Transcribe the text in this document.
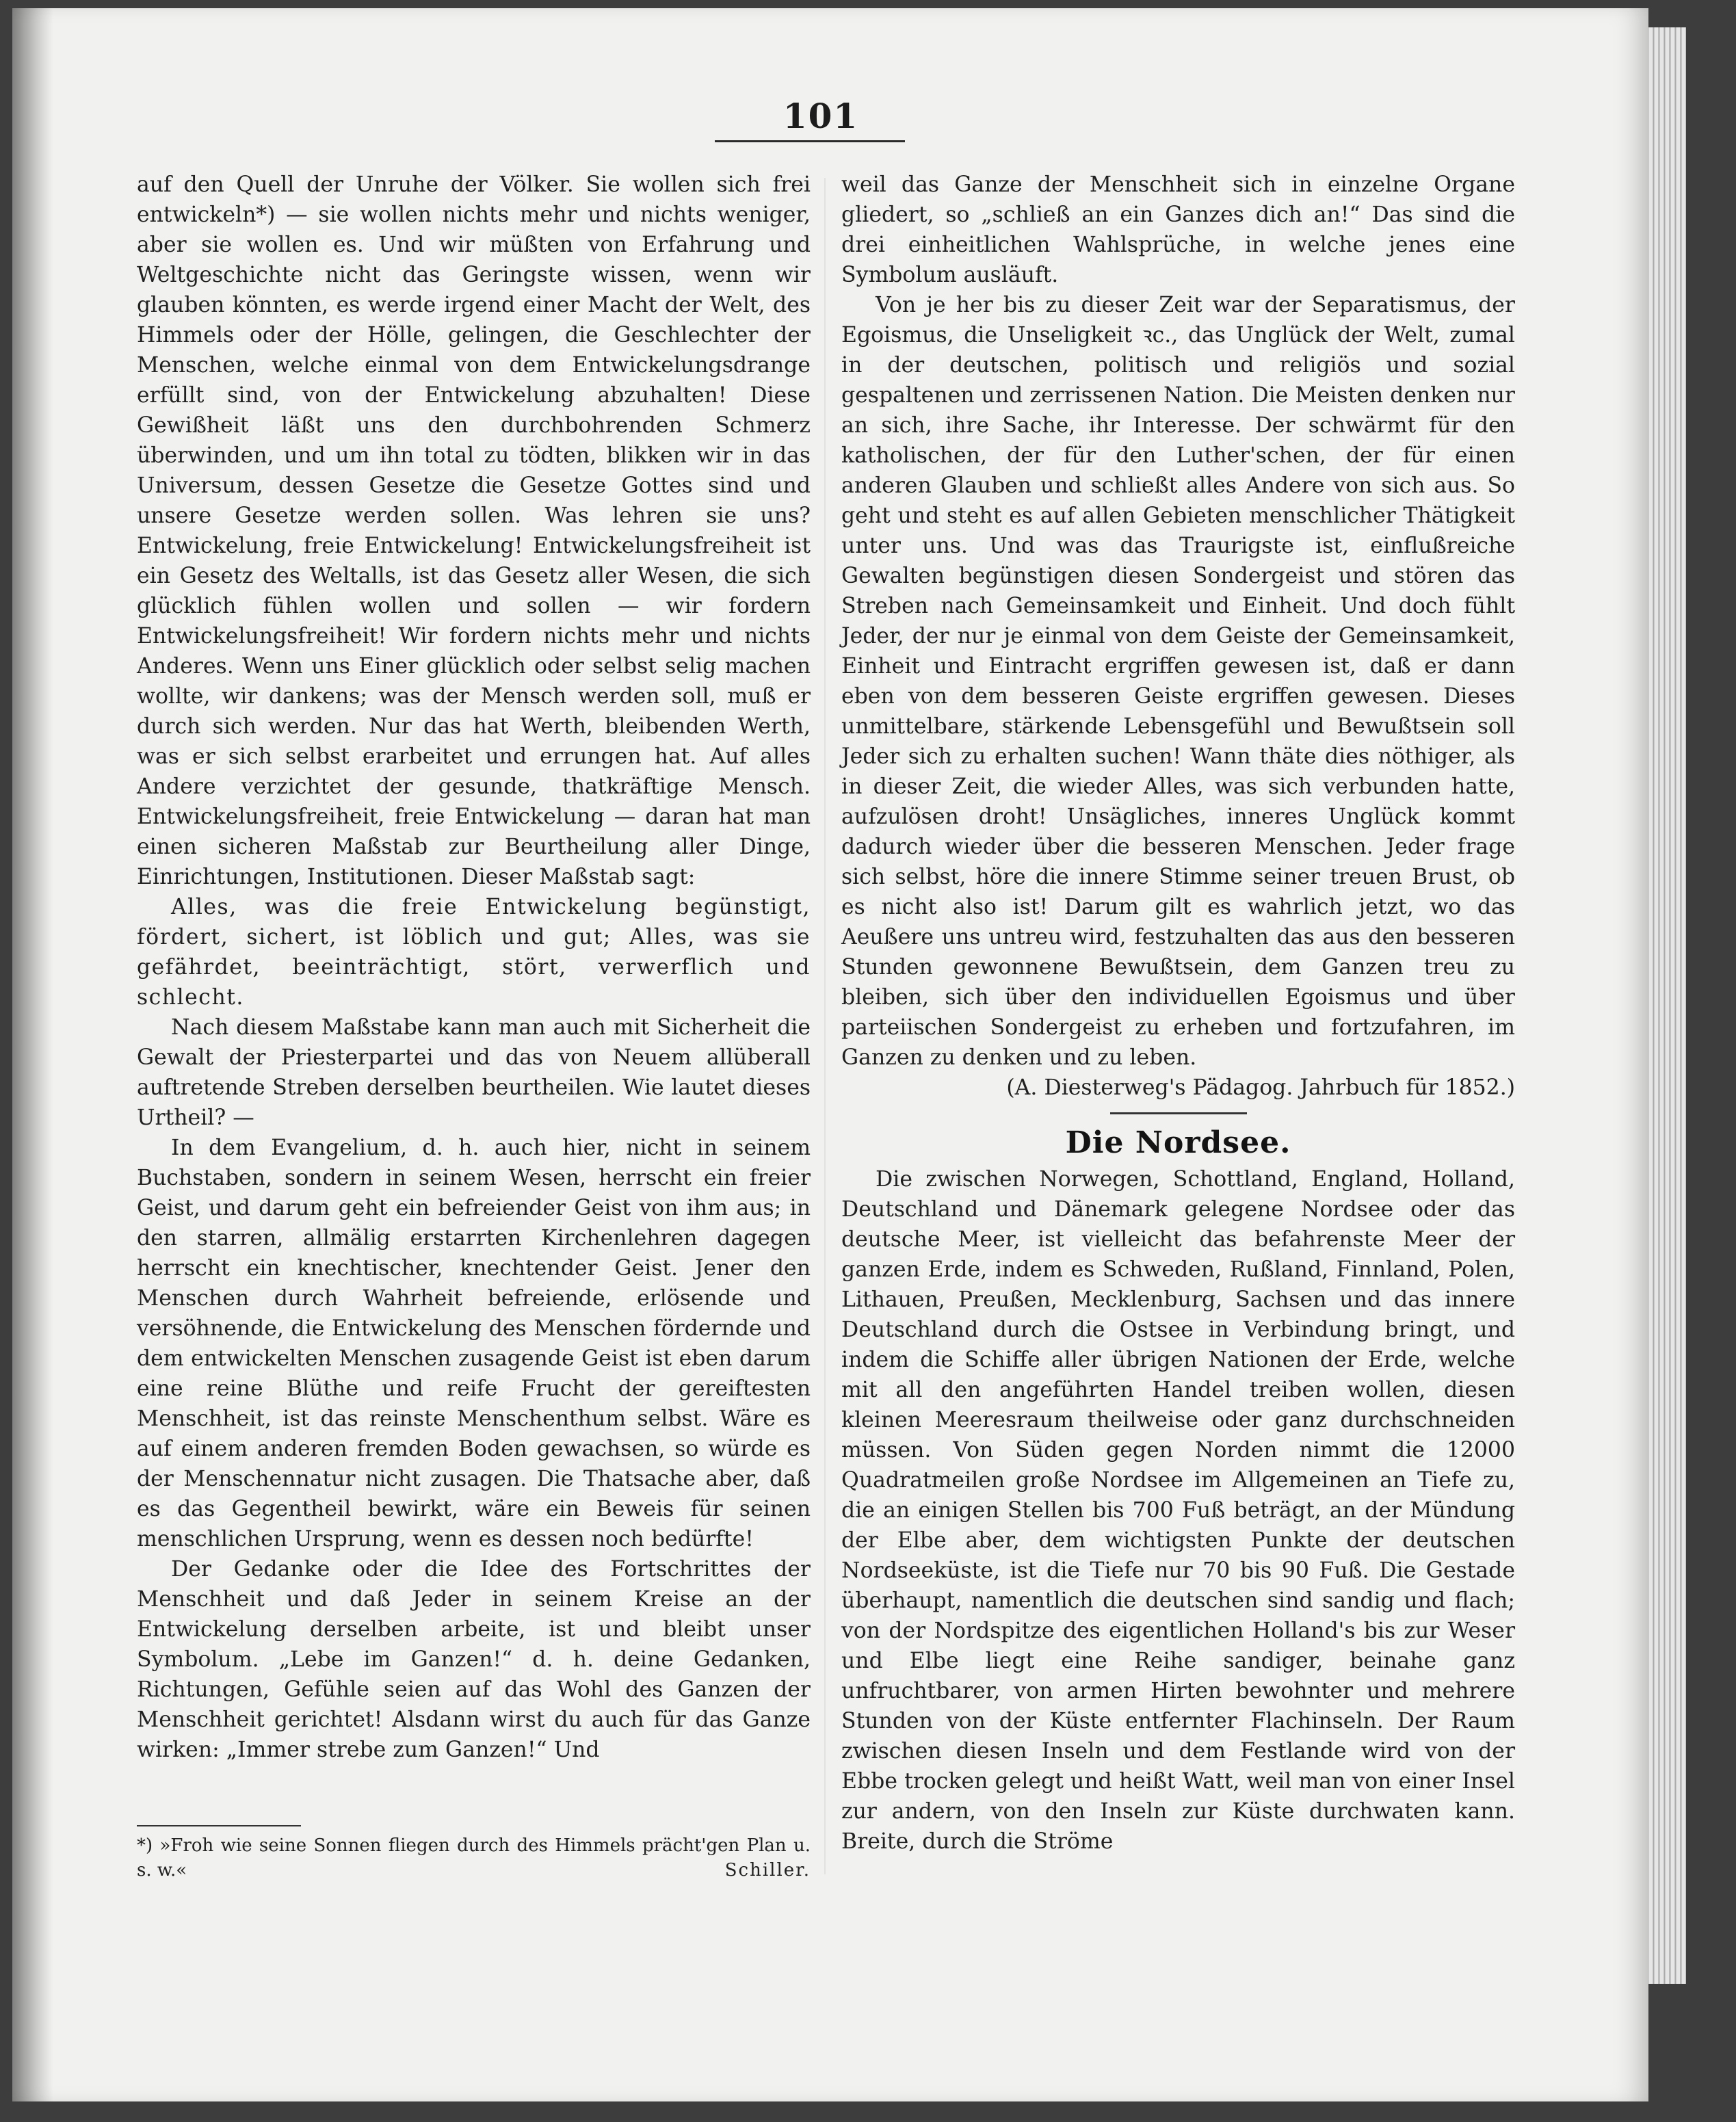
101

auf den Quell der Unruhe der Völker. Sie wollen sich frei entwickeln*) — sie wollen nichts mehr und nichts weniger, aber sie wollen es. Und wir müßten von Erfahrung und Weltgeschichte nicht das Geringste wissen, wenn wir glauben könnten, es werde irgend einer Macht der Welt, des Himmels oder der Hölle, gelingen, die Geschlechter der Menschen, welche einmal von dem Entwickelungsdrange erfüllt sind, von der Entwickelung abzuhalten! Diese Gewißheit läßt uns den durchbohrenden Schmerz überwinden, und um ihn total zu tödten, blikken wir in das Universum, dessen Gesetze die Gesetze Gottes sind und unsere Gesetze werden sollen. Was lehren sie uns? Entwickelung, freie Entwickelung! Entwickelungsfreiheit ist ein Gesetz des Weltalls, ist das Gesetz aller Wesen, die sich glücklich fühlen wollen und sollen — wir fordern Entwickelungsfreiheit! Wir fordern nichts mehr und nichts Anderes. Wenn uns Einer glücklich oder selbst selig machen wollte, wir dankens; was der Mensch werden soll, muß er durch sich werden. Nur das hat Werth, bleibenden Werth, was er sich selbst erarbeitet und errungen hat. Auf alles Andere verzichtet der gesunde, thatkräftige Mensch. Entwickelungsfreiheit, freie Entwickelung — daran hat man einen sicheren Maßstab zur Beurtheilung aller Dinge, Einrichtungen, Institutionen. Dieser Maßstab sagt:

Alles, was die freie Entwickelung begünstigt, fördert, sichert, ist löblich und gut; Alles, was sie gefährdet, beeinträchtigt, stört, verwerflich und schlecht.

Nach diesem Maßstabe kann man auch mit Sicherheit die Gewalt der Priesterpartei und das von Neuem allüberall auftretende Streben derselben beurtheilen. Wie lautet dieses Urtheil? —

In dem Evangelium, d. h. auch hier, nicht in seinem Buchstaben, sondern in seinem Wesen, herrscht ein freier Geist, und darum geht ein befreiender Geist von ihm aus; in den starren, allmälig erstarrten Kirchenlehren dagegen herrscht ein knechtischer, knechtender Geist. Jener den Menschen durch Wahrheit befreiende, erlösende und versöhnende, die Entwickelung des Menschen fördernde und dem entwickelten Menschen zusagende Geist ist eben darum eine reine Blüthe und reife Frucht der gereiftesten Menschheit, ist das reinste Menschenthum selbst. Wäre es auf einem anderen fremden Boden gewachsen, so würde es der Menschennatur nicht zusagen. Die Thatsache aber, daß es das Gegentheil bewirkt, wäre ein Beweis für seinen menschlichen Ursprung, wenn es dessen noch bedürfte!

Der Gedanke oder die Idee des Fortschrittes der Menschheit und daß Jeder in seinem Kreise an der Entwickelung derselben arbeite, ist und bleibt unser Symbolum. „Lebe im Ganzen!“ d. h. deine Gedanken, Richtungen, Gefühle seien auf das Wohl des Ganzen der Menschheit gerichtet! Alsdann wirst du auch für das Ganze wirken: „Immer strebe zum Ganzen!“ Und

*) »Froh wie seine Sonnen fliegen durch des Himmels prächt'gen Plan u. s. w.«	Schiller.

weil das Ganze der Menschheit sich in einzelne Organe gliedert, so „schließ an ein Ganzes dich an!“ Das sind die drei einheitlichen Wahlsprüche, in welche jenes eine Symbolum ausläuft.

Von je her bis zu dieser Zeit war der Separatismus, der Egoismus, die Unseligkeit ꝛc., das Unglück der Welt, zumal in der deutschen, politisch und religiös und sozial gespaltenen und zerrissenen Nation. Die Meisten denken nur an sich, ihre Sache, ihr Interesse. Der schwärmt für den katholischen, der für den Luther'schen, der für einen anderen Glauben und schließt alles Andere von sich aus. So geht und steht es auf allen Gebieten menschlicher Thätigkeit unter uns. Und was das Traurigste ist, einflußreiche Gewalten begünstigen diesen Sondergeist und stören das Streben nach Gemeinsamkeit und Einheit. Und doch fühlt Jeder, der nur je einmal von dem Geiste der Gemeinsamkeit, Einheit und Eintracht ergriffen gewesen ist, daß er dann eben von dem besseren Geiste ergriffen gewesen. Dieses unmittelbare, stärkende Lebensgefühl und Bewußtsein soll Jeder sich zu erhalten suchen! Wann thäte dies nöthiger, als in dieser Zeit, die wieder Alles, was sich verbunden hatte, aufzulösen droht! Unsägliches, inneres Unglück kommt dadurch wieder über die besseren Menschen. Jeder frage sich selbst, höre die innere Stimme seiner treuen Brust, ob es nicht also ist! Darum gilt es wahrlich jetzt, wo das Aeußere uns untreu wird, festzuhalten das aus den besseren Stunden gewonnene Bewußtsein, dem Ganzen treu zu bleiben, sich über den individuellen Egoismus und über parteiischen Sondergeist zu erheben und fortzufahren, im Ganzen zu denken und zu leben.

(A. Diesterweg's Pädagog. Jahrbuch für 1852.)

Die Nordsee.

Die zwischen Norwegen, Schottland, England, Holland, Deutschland und Dänemark gelegene Nordsee oder das deutsche Meer, ist vielleicht das befahrenste Meer der ganzen Erde, indem es Schweden, Rußland, Finnland, Polen, Lithauen, Preußen, Mecklenburg, Sachsen und das innere Deutschland durch die Ostsee in Verbindung bringt, und indem die Schiffe aller übrigen Nationen der Erde, welche mit all den angeführten Handel treiben wollen, diesen kleinen Meeresraum theilweise oder ganz durchschneiden müssen. Von Süden gegen Norden nimmt die 12000 Quadratmeilen große Nordsee im Allgemeinen an Tiefe zu, die an einigen Stellen bis 700 Fuß beträgt, an der Mündung der Elbe aber, dem wichtigsten Punkte der deutschen Nordseeküste, ist die Tiefe nur 70 bis 90 Fuß. Die Gestade überhaupt, namentlich die deutschen sind sandig und flach; von der Nordspitze des eigentlichen Holland's bis zur Weser und Elbe liegt eine Reihe sandiger, beinahe ganz unfruchtbarer, von armen Hirten bewohnter und mehrere Stunden von der Küste entfernter Flachinseln. Der Raum zwischen diesen Inseln und dem Festlande wird von der Ebbe trocken gelegt und heißt Watt, weil man von einer Insel zur andern, von den Inseln zur Küste durchwaten kann. Breite, durch die Ströme
